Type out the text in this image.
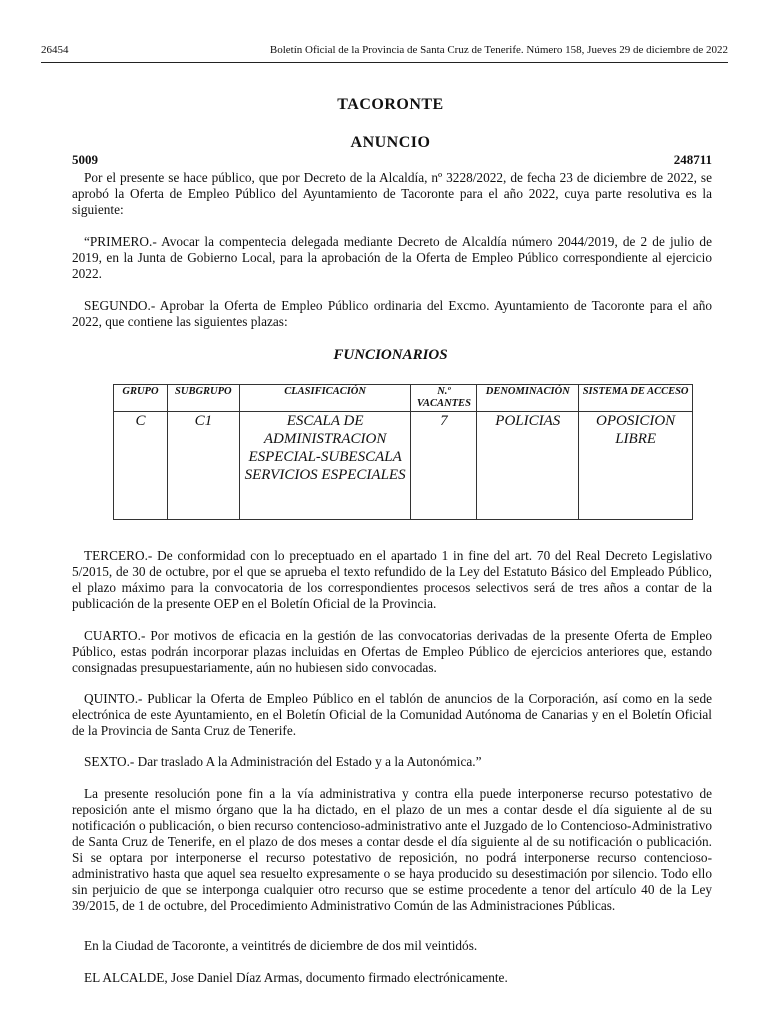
26454	Boletín Oficial de la Provincia de Santa Cruz de Tenerife. Número 158, Jueves 29 de diciembre de 2022
TACORONTE
ANUNCIO
5009	248711

Por el presente se hace público, que por Decreto de la Alcaldía, nº 3228/2022, de fecha 23 de diciembre de 2022, se aprobó la Oferta de Empleo Público del Ayuntamiento de Tacoronte para el año 2022, cuya parte resolutiva es la siguiente:

“PRIMERO.- Avocar la compentecia delegada mediante Decreto de Alcaldía número 2044/2019, de 2 de julio de 2019, en la Junta de Gobierno Local, para la aprobación de la Oferta de Empleo Público correspondiente al ejercicio 2022.

SEGUNDO.- Aprobar la Oferta de Empleo Público ordinaria del Excmo. Ayuntamiento de Tacoronte para el año 2022, que contiene las siguientes plazas:

FUNCIONARIOS
GRUPO	SUBGRUPO	CLASIFICACIÓN	N.º VACANTES	DENOMINACIÓN	SISTEMA DE ACCESO
C	C1	ESCALA DE ADMINISTRACION ESPECIAL-SUBESCALA SERVICIOS ESPECIALES	7	POLICIAS	OPOSICION LIBRE

TERCERO.- De conformidad con lo preceptuado en el apartado 1 in fine del art. 70 del Real Decreto Legislativo 5/2015, de 30 de octubre, por el que se aprueba el texto refundido de la Ley del Estatuto Básico del Empleado Público, el plazo máximo para la convocatoria de los correspondientes procesos selectivos será de tres años a contar de la publicación de la presente OEP en el Boletín Oficial de la Provincia.

CUARTO.- Por motivos de eficacia en la gestión de las convocatorias derivadas de la presente Oferta de Empleo Público, estas podrán incorporar plazas incluidas en Ofertas de Empleo Público de ejercicios anteriores que, estando consignadas presupuestariamente, aún no hubiesen sido convocadas.

QUINTO.- Publicar la Oferta de Empleo Público en el tablón de anuncios de la Corporación, así como en la sede electrónica de este Ayuntamiento, en el Boletín Oficial de la Comunidad Autónoma de Canarias y en el Boletín Oficial de la Provincia de Santa Cruz de Tenerife.

SEXTO.- Dar traslado A la Administración del Estado y a la Autonómica.”

La presente resolución pone fin a la vía administrativa y contra ella puede interponerse recurso potestativo de reposición ante el mismo órgano que la ha dictado, en el plazo de un mes a contar desde el día siguiente al de su notificación o publicación, o bien recurso contencioso-administrativo ante el Juzgado de lo Contencioso-Administrativo de Santa Cruz de Tenerife, en el plazo de dos meses a contar desde el día siguiente al de su notificación o publicación. Si se optara por interponerse el recurso potestativo de reposición, no podrá interponerse recurso contencioso-administrativo hasta que aquel sea resuelto expresamente o se haya producido su desestimación por silencio. Todo ello sin perjuicio de que se interponga cualquier otro recurso que se estime procedente a tenor del artículo 40 de la Ley 39/2015, de 1 de octubre, del Procedimiento Administrativo Común de las Administraciones Públicas.

En la Ciudad de Tacoronte, a veintitrés de diciembre de dos mil veintidós.

EL ALCALDE, Jose Daniel Díaz Armas, documento firmado electrónicamente.
